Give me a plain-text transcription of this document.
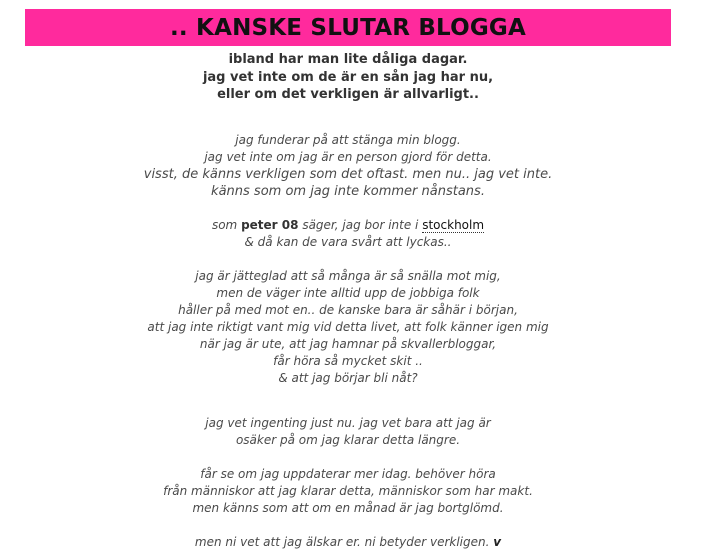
.. KANSKE SLUTAR BLOGGA
ibland har man lite dåliga dagar.
jag vet inte om de är en sån jag har nu,
eller om det verkligen är allvarligt..
jag funderar på att stänga min blogg.
jag vet inte om jag är en person gjord för detta.
visst, de känns verkligen som det oftast. men nu.. jag vet inte.
känns som om jag inte kommer nånstans.
som peter 08 säger, jag bor inte i stockholm
& då kan de vara svårt att lyckas..
jag är jätteglad att så många är så snälla mot mig,
men de väger inte alltid upp de jobbiga folk
håller på med mot en.. de kanske bara är såhär i början,
att jag inte riktigt vant mig vid detta livet, att folk känner igen mig
när jag är ute, att jag hamnar på skvallerbloggar,
får höra så mycket skit ..
& att jag börjar bli nåt?
jag vet ingenting just nu. jag vet bara att jag är
osäker på om jag klarar detta längre.
får se om jag uppdaterar mer idag. behöver höra
från människor att jag klarar detta, människor som har makt.
men känns som att om en månad är jag bortglömd.
men ni vet att jag älskar er. ni betyder verkligen. v
